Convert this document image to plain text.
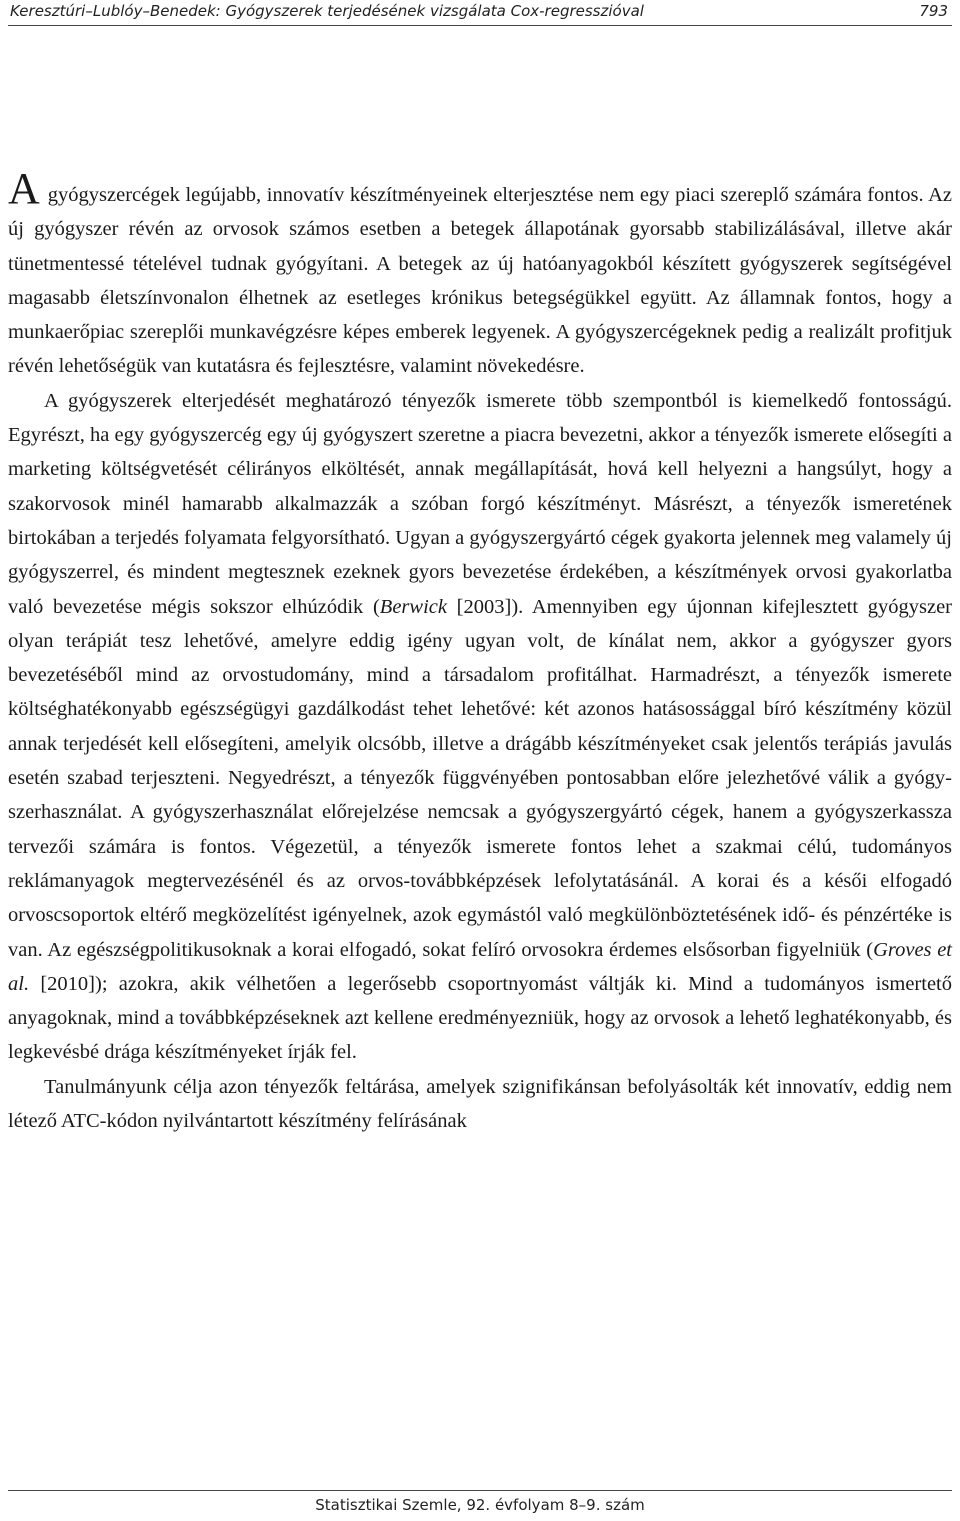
Keresztúri–Lublóy–Benedek: Gyógyszerek terjedésének vizsgálata Cox-regresszióval	793

Agyógyszercégek legújabb, innovatív készítményeinek elterjesztése nem egy piaci szereplő számára fontos. Az új gyógyszer révén az orvosok számos esetben a betegek állapotának gyorsabb stabilizálásával, illetve akár tünetmentessé tételével tudnak gyógyítani. A betegek az új hatóanyagokból készített gyógyszerek segítségével magasabb életszínvonalon élhetnek az esetleges krónikus betegségükkel együtt. Az államnak fontos, hogy a munkaerőpiac szereplői munkavégzésre képes emberek legyenek. A gyógyszercégeknek pedig a realizált profitjuk révén lehetőségük van kutatásra és fejlesztésre, valamint növekedésre.

A gyógyszerek elterjedését meghatározó tényezők ismerete több szempontból is kiemelkedő fontosságú. Egyrészt, ha egy gyógyszercég egy új gyógyszert szeretne a piacra bevezetni, akkor a tényezők ismerete elősegíti a marketing költségvetését célirányos elköltését, annak megállapítását, hová kell helyezni a hangsúlyt, hogy a szakorvosok minél hamarabb alkalmazzák a szóban forgó készítményt. Másrészt, a tényezők ismeretének birtokában a terjedés folyamata felgyorsítható. Ugyan a gyógyszergyártó cégek gyakorta jelennek meg valamely új gyógyszerrel, és mindent megtesznek ezeknek gyors bevezetése érdekében, a készítmények orvosi gyakorlatba való bevezetése mégis sokszor elhúzódik (Berwick [2003]). Amennyiben egy újonnan kifejlesztett gyógyszer olyan terápiát tesz lehetővé, amelyre eddig igény ugyan volt, de kínálat nem, akkor a gyógyszer gyors bevezetéséből mind az orvostudomány, mind a társadalom profitálhat. Harmadrészt, a tényezők ismerete költséghatékonyabb egészségügyi gazdálkodást tehet lehetővé: két azonos hatásossággal bíró készítmény közül annak terjedését kell elősegíteni, amelyik olcsóbb, illetve a drágább készítményeket csak jelentős terápiás javulás esetén szabad terjeszteni. Negyedrészt, a tényezők függvényében pontosabban előre jelezhetővé válik a gyógyszerhasználat. A gyógyszerhasználat előrejelzése nemcsak a gyógyszergyártó cégek, hanem a gyógyszerkassza tervezői számára is fontos. Végezetül, a tényezők ismerete fontos lehet a szakmai célú, tudományos reklámanyagok megtervezésénél és az orvos-továbbképzések lefolytatásánál. A korai és a késői elfogadó orvoscsoportok eltérő megközelítést igényelnek, azok egymástól való megkülönböztetésének idő- és pénzértéke is van. Az egészségpolitikusoknak a korai elfogadó, sokat felíró orvosokra érdemes elsősorban figyelniük (Groves et al. [2010]); azokra, akik vélhetően a legerősebb csoportnyomást váltják ki. Mind a tudományos ismertető anyagoknak, mind a továbbképzéseknek azt kellene eredményezniük, hogy az orvosok a lehető leghatékonyabb, és legkevésbé drága készítményeket írják fel.

Tanulmányunk célja azon tényezők feltárása, amelyek szignifikánsan befolyásolták két innovatív, eddig nem létező ATC-kódon nyilvántartott készítmény felírásának

Statisztikai Szemle, 92. évfolyam 8–9. szám
